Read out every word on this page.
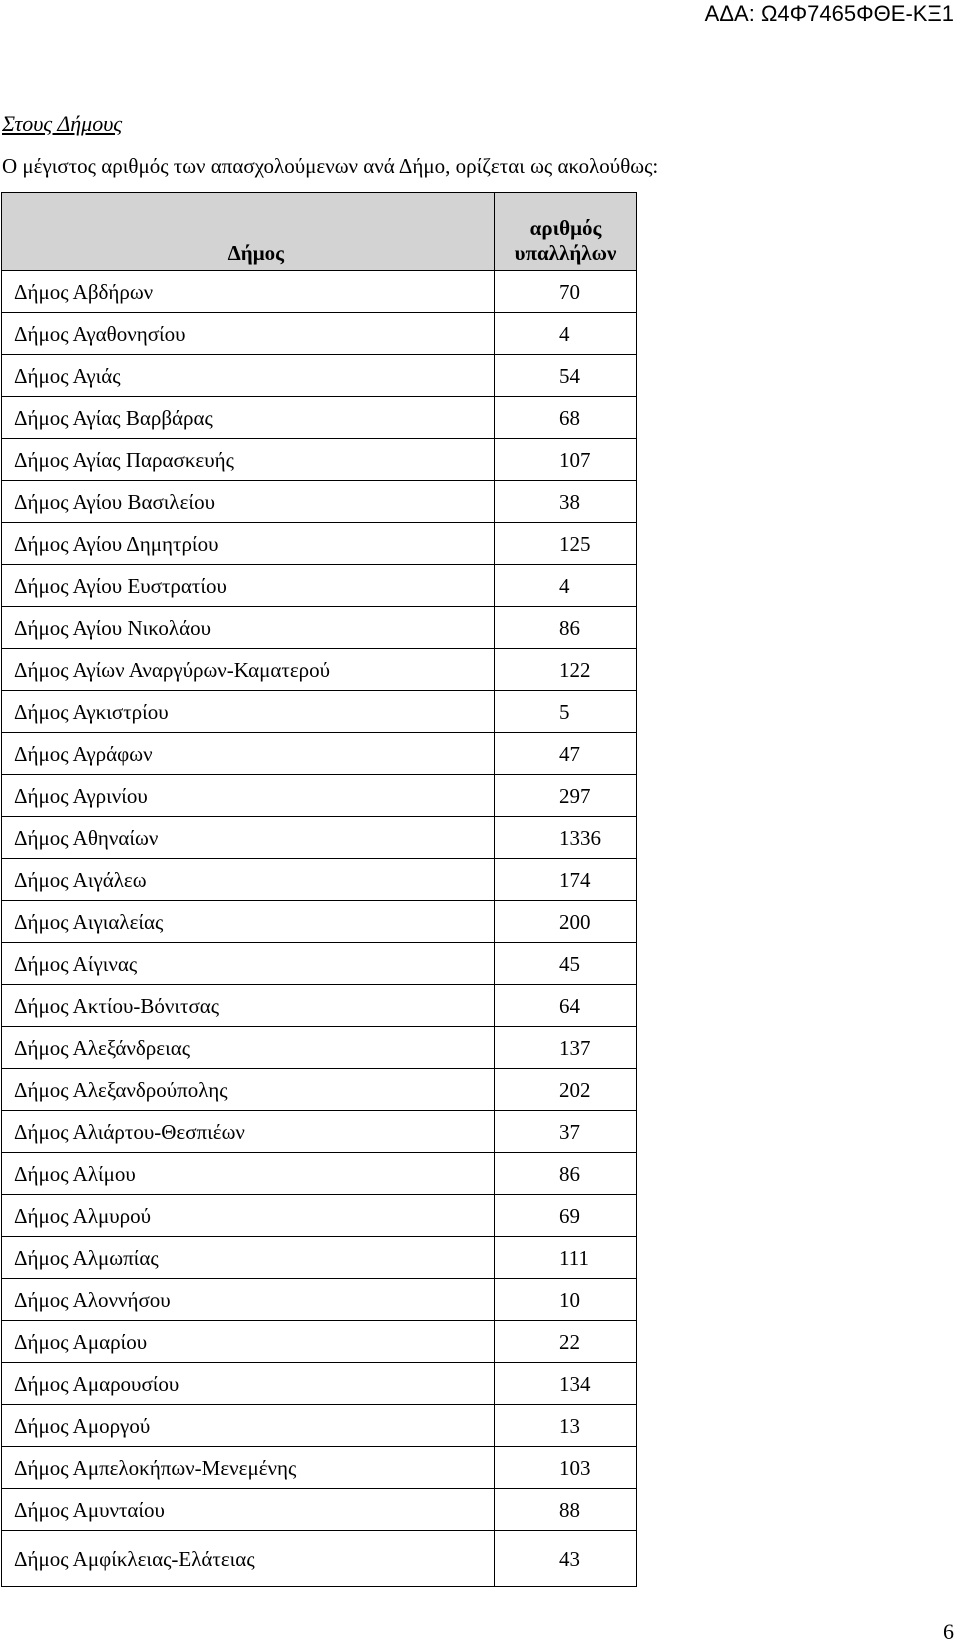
ΑΔΑ: Ω4Φ7465ΦΘΕ-ΚΞ1
Στους Δήμους
Ο μέγιστος αριθμός των απασχολούμενων ανά Δήμο, ορίζεται ως ακολούθως:
Δήμος	αριθμός
υπαλλήλων
Δήμος Αβδήρων	70
Δήμος Αγαθονησίου	4
Δήμος Αγιάς	54
Δήμος Αγίας Βαρβάρας	68
Δήμος Αγίας Παρασκευής	107
Δήμος Αγίου Βασιλείου	38
Δήμος Αγίου Δημητρίου	125
Δήμος Αγίου Ευστρατίου	4
Δήμος Αγίου Νικολάου	86
Δήμος Αγίων Αναργύρων-Καματερού	122
Δήμος Αγκιστρίου	5
Δήμος Αγράφων	47
Δήμος Αγρινίου	297
Δήμος Αθηναίων	1336
Δήμος Αιγάλεω	174
Δήμος Αιγιαλείας	200
Δήμος Αίγινας	45
Δήμος Ακτίου-Βόνιτσας	64
Δήμος Αλεξάνδρειας	137
Δήμος Αλεξανδρούπολης	202
Δήμος Αλιάρτου-Θεσπιέων	37
Δήμος Αλίμου	86
Δήμος Αλμυρού	69
Δήμος Αλμωπίας	111
Δήμος Αλοννήσου	10
Δήμος Αμαρίου	22
Δήμος Αμαρουσίου	134
Δήμος Αμοργού	13
Δήμος Αμπελοκήπων-Μενεμένης	103
Δήμος Αμυνταίου	88
Δήμος Αμφίκλειας-Ελάτειας	43
6
